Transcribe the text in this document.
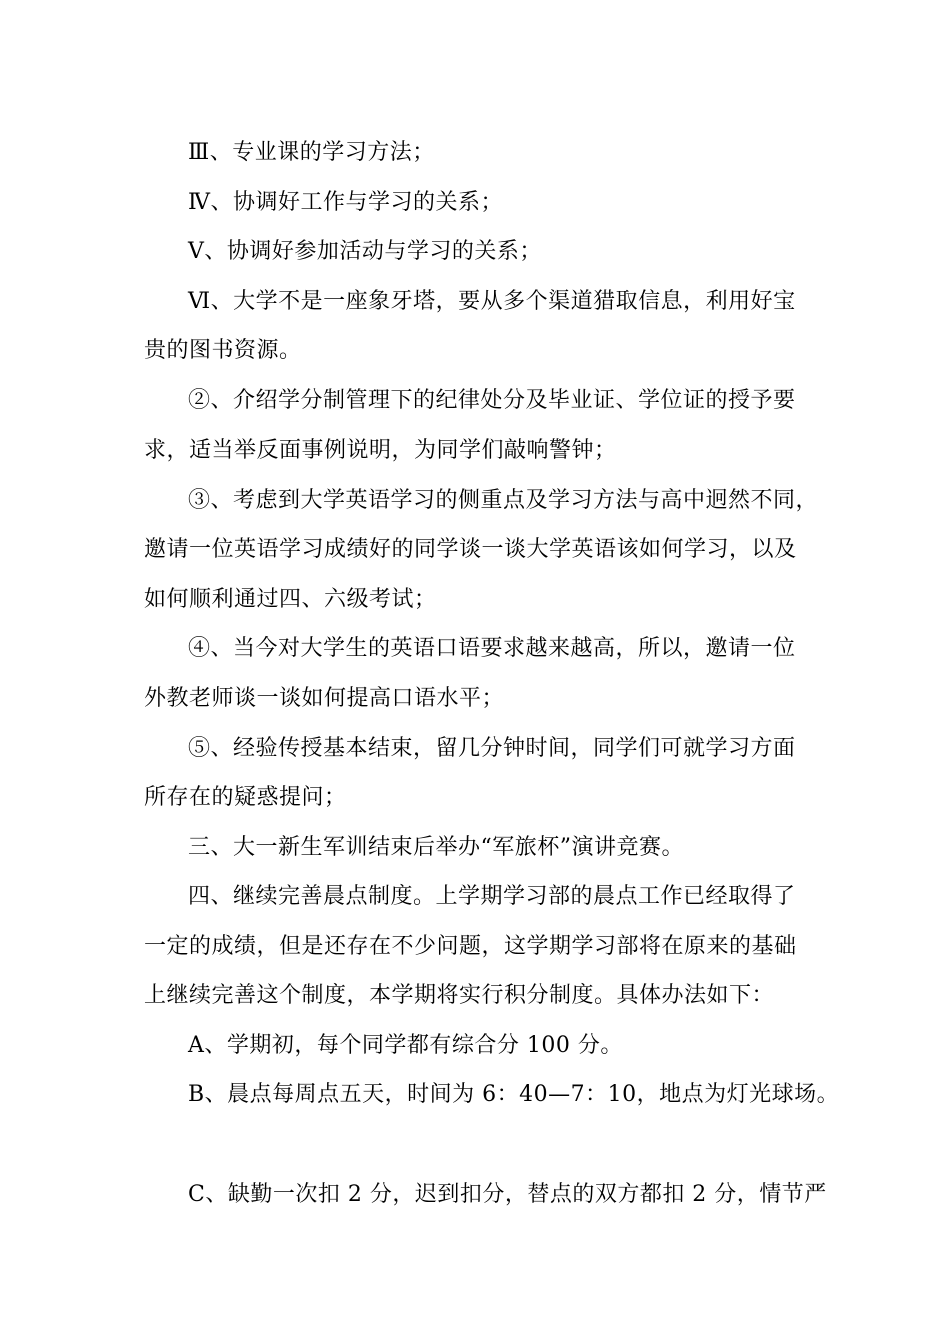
Ⅲ、专业课的学习方法；
Ⅳ、协调好工作与学习的关系；
Ⅴ、协调好参加活动与学习的关系；
Ⅵ、大学不是一座象牙塔，要从多个渠道猎取信息，利用好宝
贵的图书资源。
②、介绍学分制管理下的纪律处分及毕业证、学位证的授予要
求，适当举反面事例说明，为同学们敲响警钟；
③、考虑到大学英语学习的侧重点及学习方法与高中迥然不同，
邀请一位英语学习成绩好的同学谈一谈大学英语该如何学习，以及
如何顺利通过四、六级考试；
④、当今对大学生的英语口语要求越来越高，所以，邀请一位
外教老师谈一谈如何提高口语水平；
⑤、经验传授基本结束，留几分钟时间，同学们可就学习方面
所存在的疑惑提问；
三、大一新生军训结束后举办“军旅杯”演讲竞赛。
四、继续完善晨点制度。上学期学习部的晨点工作已经取得了
一定的成绩，但是还存在不少问题，这学期学习部将在原来的基础
上继续完善这个制度，本学期将实行积分制度。具体办法如下：
A、学期初，每个同学都有综合分 100 分。
B、晨点每周点五天，时间为 6：40—7：10，地点为灯光球场。
C、缺勤一次扣 2 分，迟到扣分，替点的双方都扣 2 分，情节严
